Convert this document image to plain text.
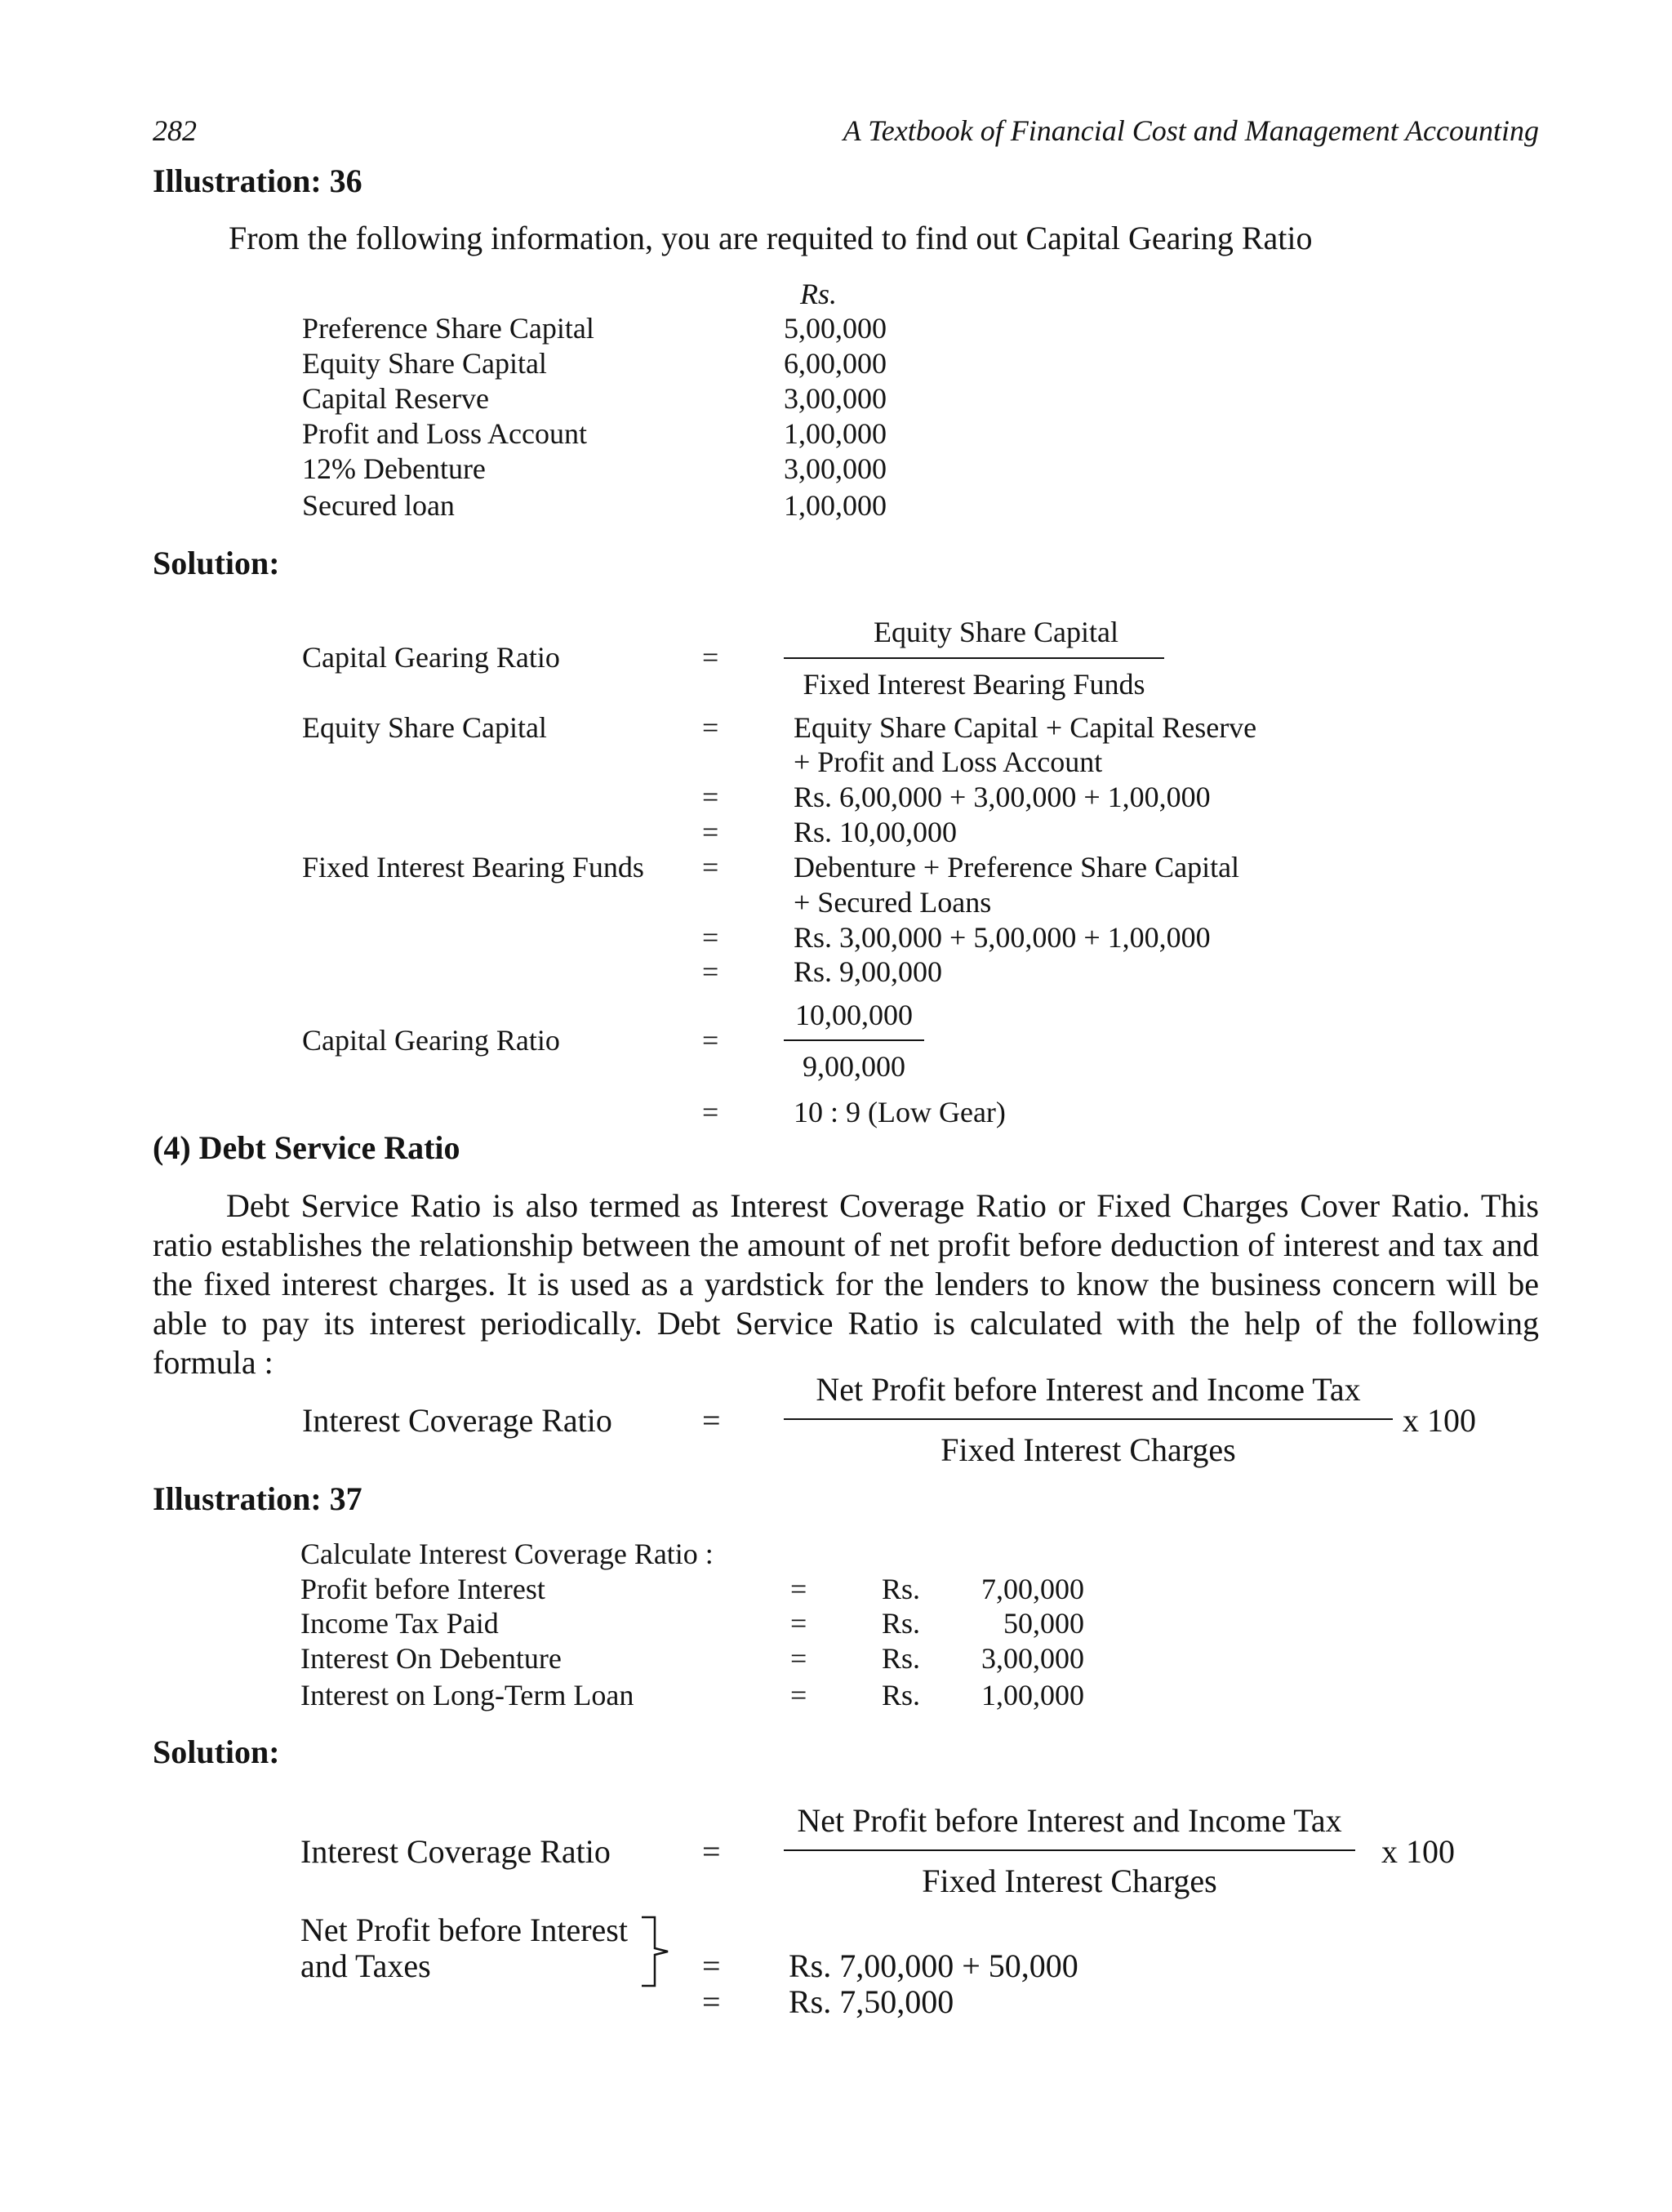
282	A Textbook of Financial Cost and Management Accounting
Illustration: 36
From the following information, you are requited to find out Capital Gearing Ratio
Rs.
Preference Share Capital	5,00,000
Equity Share Capital	6,00,000
Capital Reserve	3,00,000
Profit and Loss Account	1,00,000
12% Debenture	3,00,000
Secured loan	1,00,000
Solution:
Equity Share Capital
Capital Gearing Ratio	=
Fixed Interest Bearing Funds
Equity Share Capital	=	Equity Share Capital + Capital Reserve
+ Profit and Loss Account
=	Rs. 6,00,000 + 3,00,000 + 1,00,000
=	Rs. 10,00,000
Fixed Interest Bearing Funds =	Debenture + Preference Share Capital
+ Secured Loans
=	Rs. 3,00,000 + 5,00,000 + 1,00,000
=	Rs. 9,00,000
10,00,000
Capital Gearing Ratio	=
9,00,000
=	10 : 9 (Low Gear)
(4) Debt Service Ratio

Debt Service Ratio is also termed as Interest Coverage Ratio or Fixed Charges Cover Ratio. This ratio establishes the relationship between the amount of net profit before deduction of interest and tax and the fixed interest charges. It is used as a yardstick for the lenders to know the business concern will be able to pay its interest periodically. Debt Service Ratio is calculated with the help of the following formula :

Net Profit before Interest and Income Tax
Interest Coverage Ratio	=	x 100
Fixed Interest Charges
Illustration: 37
Calculate Interest Coverage Ratio :
Profit before Interest	=	Rs.	7,00,000
Income Tax Paid	=	Rs.	50,000
Interest On Debenture	=	Rs.	3,00,000
Interest on Long-Term Loan	=	Rs.	1,00,000
Solution:
Net Profit before Interest and Income Tax
Interest Coverage Ratio	=	x 100
Fixed Interest Charges
Net Profit before Interest
and Taxes	= Rs. 7,00,000 + 50,000
= Rs. 7,50,000
